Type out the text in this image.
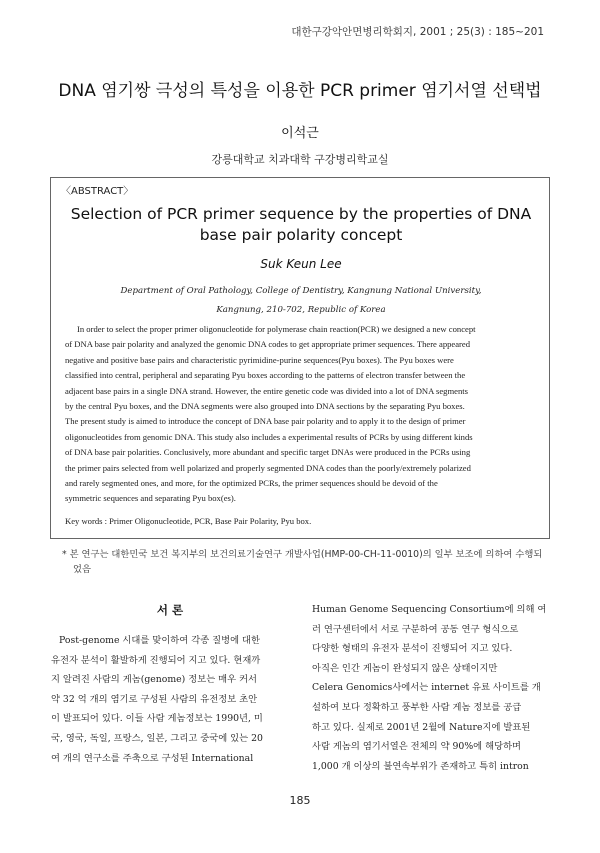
대한구강악안면병리학회지, 2001 ; 25(3) : 185~201
DNA 염기쌍 극성의 특성을 이용한 PCR primer 염기서열 선택법
이석근
강릉대학교 치과대학 구강병리학교실
〈ABSTRACT〉
Selection of PCR primer sequence by the properties of DNA
base pair polarity concept
Suk Keun Lee
Department of Oral Pathology, College of Dentistry, Kangnung National University,
Kangnung, 210-702, Republic of Korea
In order to select the proper primer oligonucleotide for polymerase chain reaction(PCR) we designed a new concept
of DNA base pair polarity and analyzed the genomic DNA codes to get appropriate primer sequences. There appeared
negative and positive base pairs and characteristic pyrimidine-purine sequences(Pyu boxes). The Pyu boxes were
classified into central, peripheral and separating Pyu boxes according to the patterns of electron transfer between the
adjacent base pairs in a single DNA strand. However, the entire genetic code was divided into a lot of DNA segments
by the central Pyu boxes, and the DNA segments were also grouped into DNA sections by the separating Pyu boxes.
The present study is aimed to introduce the concept of DNA base pair polarity and to apply it to the design of primer
oligonucleotides from genomic DNA. This study also includes a experimental results of PCRs by using different kinds
of DNA base pair polarities. Conclusively, more abundant and specific target DNAs were produced in the PCRs using
the primer pairs selected from well polarized and properly segmented DNA codes than the poorly/extremely polarized
and rarely segmented ones, and more, for the optimized PCRs, the primer sequences should be devoid of the
symmetric sequences and separating Pyu box(es).
Key words : Primer Oligonucleotide, PCR, Base Pair Polarity, Pyu box.
* 본 연구는 대한민국 보건 복지부의 보건의료기술연구 개발사업(HMP-00-CH-11-0010)의 일부 보조에 의하여 수행되
었음
서 론
Post-genome 시대를 맞이하여 각종 질병에 대한
유전자 분석이 활발하게 진행되어 지고 있다. 현재까
지 알려진 사람의 게놈(genome) 정보는 매우 커서
약 32 억 개의 염기로 구성된 사람의 유전정보 초안
이 발표되어 있다. 이들 사람 게놈정보는 1990년, 미
국, 영국, 독일, 프랑스, 일본, 그리고 중국에 있는 20
여 개의 연구소를 주축으로 구성된 International
Human Genome Sequencing Consortium에 의해 여
러 연구센터에서 서로 구분하여 공동 연구 형식으로
다양한 형태의 유전자 분석이 진행되어 지고 있다.
아직은 인간 게놈이 완성되지 않은 상태이지만
Celera Genomics사에서는 internet 유료 사이트를 개
설하여 보다 정확하고 풍부한 사람 게놈 정보를 공급
하고 있다. 실제로 2001년 2월에 Nature지에 발표된
사람 게놈의 염기서열은 전체의 약 90%에 해당하며
1,000 개 이상의 불연속부위가 존재하고 특히 intron
185
